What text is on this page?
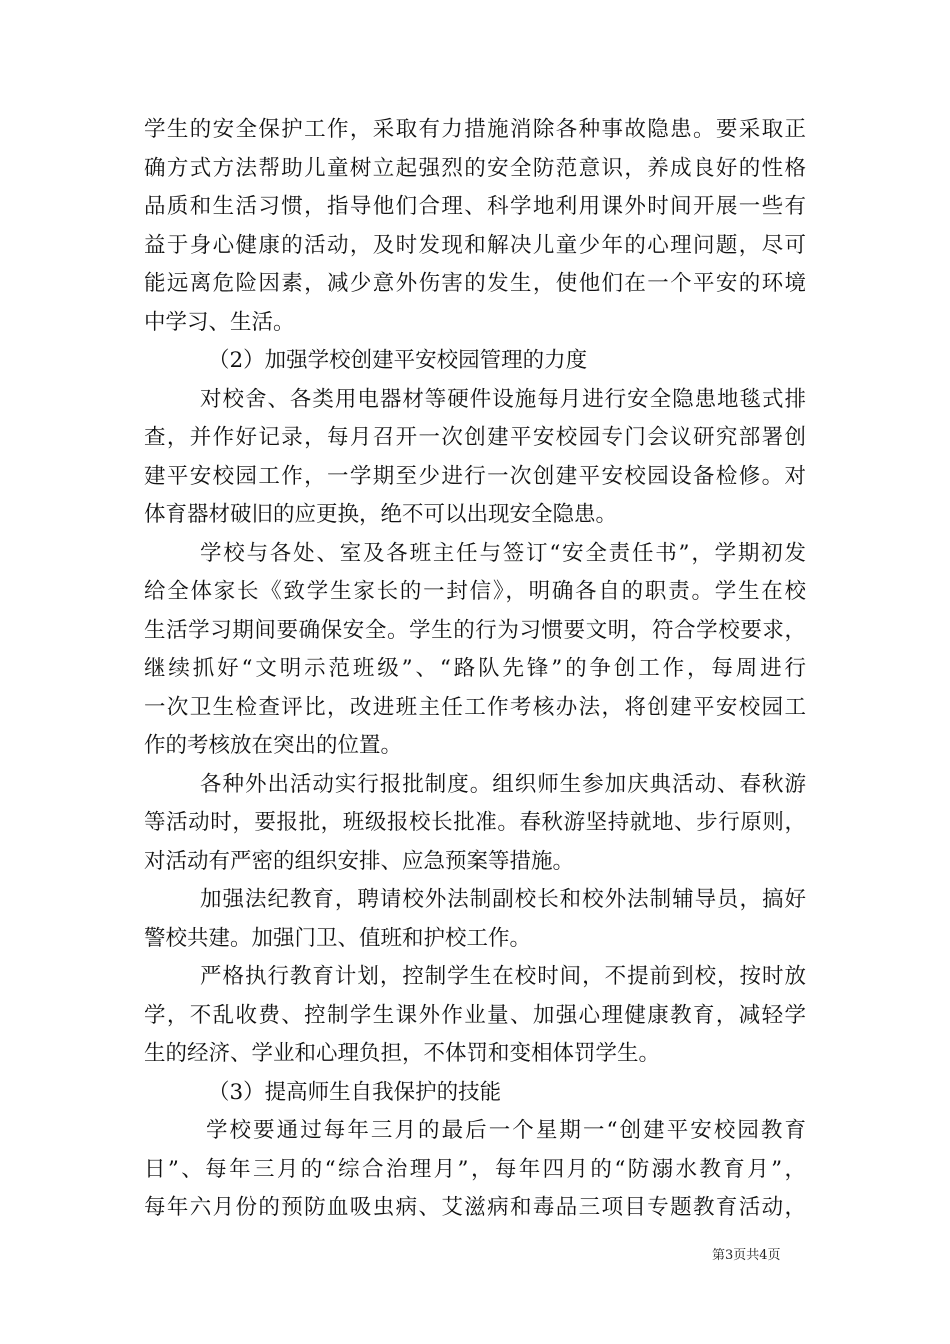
学生的安全保护工作，采取有力措施消除各种事故隐患。要采取正
确方式方法帮助儿童树立起强烈的安全防范意识，养成良好的性格
品质和生活习惯，指导他们合理、科学地利用课外时间开展一些有
益于身心健康的活动，及时发现和解决儿童少年的心理问题，尽可
能远离危险因素，减少意外伤害的发生，使他们在一个平安的环境
中学习、生活。
（2）加强学校创建平安校园管理的力度
对校舍、各类用电器材等硬件设施每月进行安全隐患地毯式排
查，并作好记录，每月召开一次创建平安校园专门会议研究部署创
建平安校园工作，一学期至少进行一次创建平安校园设备检修。对
体育器材破旧的应更换，绝不可以出现安全隐患。
学校与各处、室及各班主任与签订“安全责任书”，学期初发
给全体家长《致学生家长的一封信》，明确各自的职责。学生在校
生活学习期间要确保安全。学生的行为习惯要文明，符合学校要求，
继续抓好“文明示范班级”、“路队先锋”的争创工作，每周进行
一次卫生检查评比，改进班主任工作考核办法，将创建平安校园工
作的考核放在突出的位置。
各种外出活动实行报批制度。组织师生参加庆典活动、春秋游
等活动时，要报批，班级报校长批准。春秋游坚持就地、步行原则，
对活动有严密的组织安排、应急预案等措施。
加强法纪教育，聘请校外法制副校长和校外法制辅导员，搞好
警校共建。加强门卫、值班和护校工作。
严格执行教育计划，控制学生在校时间，不提前到校，按时放
学，不乱收费、控制学生课外作业量、加强心理健康教育，减轻学
生的经济、学业和心理负担，不体罚和变相体罚学生。
（3）提高师生自我保护的技能
学校要通过每年三月的最后一个星期一“创建平安校园教育
日”、每年三月的“综合治理月”，每年四月的“防溺水教育月”，
每年六月份的预防血吸虫病、艾滋病和毒品三项目专题教育活动，
第3页共4页
